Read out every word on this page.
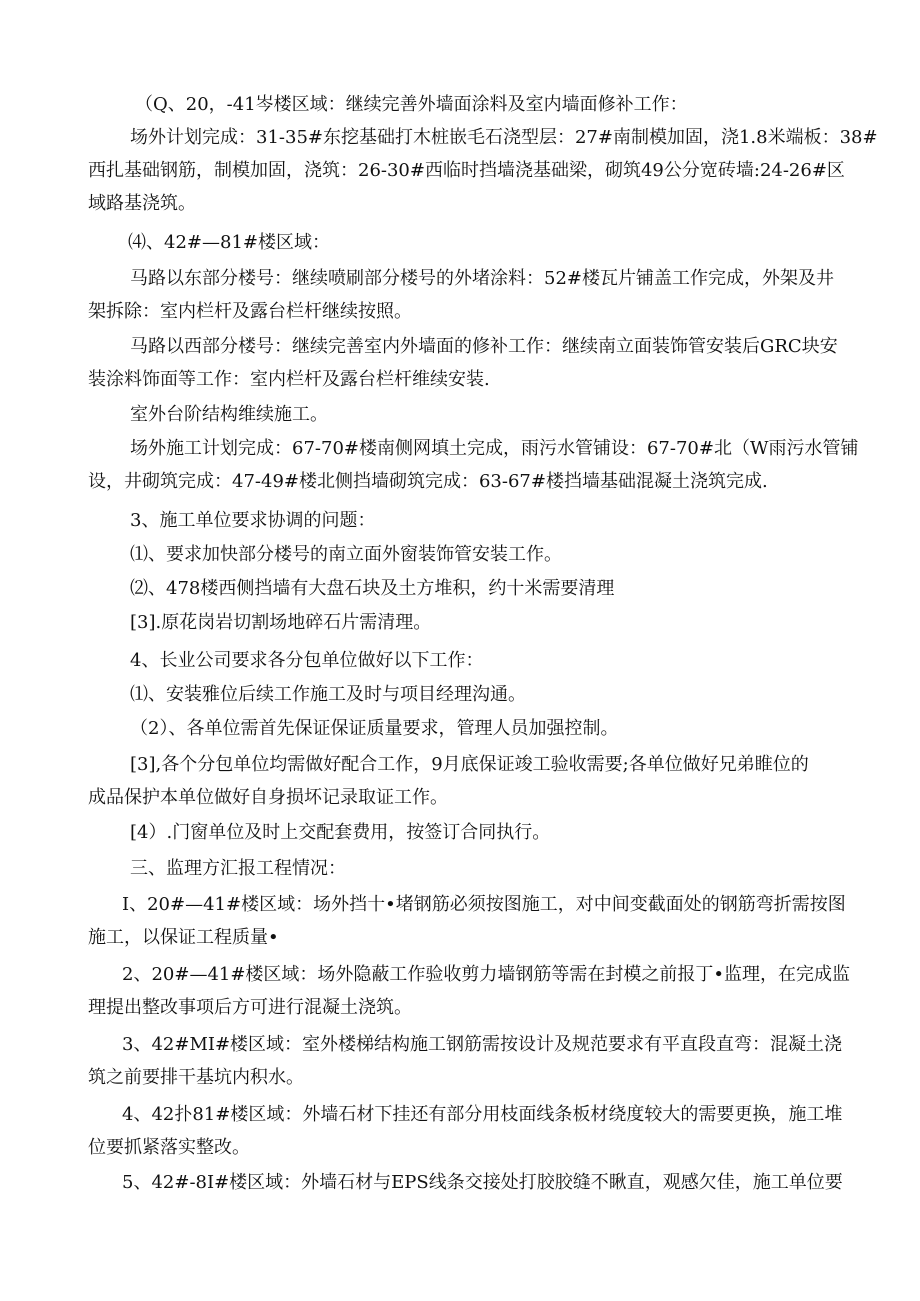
（Q、20，-41岑楼区域：继续完善外墙面涂料及室内墙面修补工作：

场外计划完成：31-35#东挖基础打木桩嵌毛石浇型层：27#南制模加固，浇1.8米端板：38#
西扎基础钢筋，制模加固，浇筑：26-30#西临时挡墙浇基础梁，砌筑49公分宽砖墙:24-26#区
域路基浇筑。

⑷、42#—81#楼区域：

马路以东部分楼号：继续喷刷部分楼号的外堵涂料：52#楼瓦片铺盖工作完成，外架及井
架拆除：室内栏杆及露台栏杆继续按照。

马路以西部分楼号：继续完善室内外墙面的修补工作：继续南立面装饰管安装后GRC块安
装涂料饰面等工作：室内栏杆及露台栏杆维续安装.

室外台阶结构维续施工。

场外施工计划完成：67-70#楼南侧网填土完成，雨污水管铺设：67-70#北（W雨污水管铺
设，井砌筑完成：47-49#楼北侧挡墙砌筑完成：63-67#楼挡墙基础混凝土浇筑完成.

3、施工单位要求协调的问题：

⑴、要求加快部分楼号的南立面外窗装饰管安装工作。

⑵、478楼西侧挡墙有大盘石块及土方堆积，约十米需要清理

[3].原花岗岩切割场地碎石片需清理。

4、长业公司要求各分包单位做好以下工作：

⑴、安装雅位后续工作施工及时与项目经理沟通。

（2）、各单位需首先保证保证质量要求，管理人员加强控制。

[3],各个分包单位均需做好配合工作，9月底保证竣工验收需要;各单位做好兄弟睢位的
成品保护本单位做好自身损坏记录取证工作。

[4）.门窗单位及时上交配套费用，按签订合同执行。

三、监理方汇报工程情况：

I、20#—41#楼区域：场外挡十•堵钢筋必须按图施工，对中间变截面处的钢筋弯折需按图
施工，以保证工程质量•

2、20#—41#楼区域：场外隐蔽工作验收剪力墙钢筋等需在封模之前报丁•监理，在完成监
理提出整改事项后方可进行混凝土浇筑。

3、42#MI#楼区域：室外楼梯结构施工钢筋需按设计及规范要求有平直段直弯：混凝土浇
筑之前要排干基坑内积水。

4、42扑81#楼区域：外墙石材下挂还有部分用枝面线条板材绕度较大的需要更换，施工堆
位要抓紧落实整改。

5、42#-8I#楼区域：外墙石材与EPS线条交接处打胶胶缝不瞅直，观感欠佳，施工单位要
